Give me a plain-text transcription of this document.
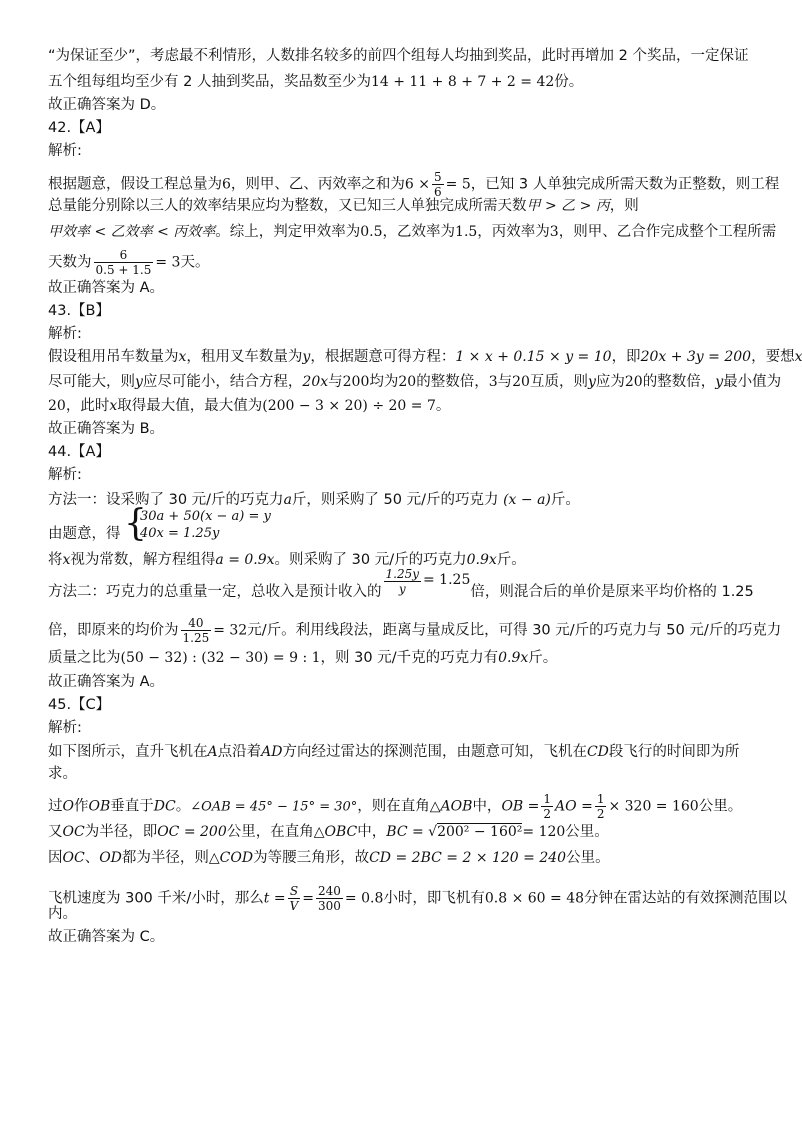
“为保证至少”，考虑最不利情形，人数排名较多的前四个组每人均抽到奖品，此时再增加 2 个奖品，一定保证
五个组每组均至少有 2 人抽到奖品，奖品数至少为14 + 11 + 8 + 7 + 2 = 42份。
故正确答案为 D。
42.【A】
解析:
根据题意，假设工程总量为6，则甲、乙、丙效率之和为$6 \times \frac{5}{6} = 5$，已知 3 人单独完成所需天数为正整数，则工程
总量能分别除以三人的效率结果应均为整数，又已知三人单独完成所需天数甲 > 乙 > 丙，则
甲效率 < 乙效率 < 丙效率。综上，判定甲效率为0.5，乙效率为1.5，丙效率为3，则甲、乙合作完成整个工程所需
天数为 $\frac{6}{0.5 + 1.5} = 3$天。
故正确答案为 A。
43.【B】
解析:
假设租用吊车数量为x，租用叉车数量为y，根据题意可得方程：1 × x + 0.15 × y = 10，即20x + 3y = 200，要想x
尽可能大，则y应尽可能小，结合方程，20x与200均为20的整数倍，3与20互质，则y应为20的整数倍，y最小值为
20，此时x取得最大值，最大值为(200 − 3 × 20) ÷ 20 = 7。
故正确答案为 B。
44.【A】
解析:
方法一：设采购了 30 元/斤的巧克力a斤，则采购了 50 元/斤的巧克力 (x − a)斤。
由题意，得 {
30a + 50(x − a) = y
40x = 1.25y
将x视为常数，解方程组得a = 0.9x。则采购了 30 元/斤的巧克力0.9x斤。
方法二：巧克力的总重量一定，总收入是预计收入的 $\frac{1.25y}{y} = 1.25$倍，则混合后的单价是原来平均价格的 1.25
倍，即原来的均价为 $\frac{40}{1.25} = 32$元/斤。利用线段法，距离与量成反比，可得 30 元/斤的巧克力与 50 元/斤的巧克力
质量之比为(50 − 32) : (32 − 30) = 9 : 1，则 30 元/千克的巧克力有0.9x斤。
故正确答案为 A。
45.【C】
解析:
如下图所示，直升飞机在A点沿着AD方向经过雷达的探测范围，由题意可知，飞机在CD段飞行的时间即为所
求。
过O作OB垂直于DC。∠OAB = 45° − 15° = 30°，则在直角△AOB中，OB = $\frac{1}{2}$ AO = $\frac{1}{2} \times 320 = 160$公里。
又OC为半径，即OC = 200公里，在直角△OBC中，BC = √200² − 160²= 120公里。
因OC、OD都为半径，则△COD为等腰三角形，故CD = 2BC = 2 × 120 = 240公里。
飞机速度为 300 千米/小时，那么$t = \frac{S}{V} = \frac{240}{300} = 0.8$小时，即飞机有0.8 × 60 = 48分钟在雷达站的有效探测范围以
内。
故正确答案为 C。
